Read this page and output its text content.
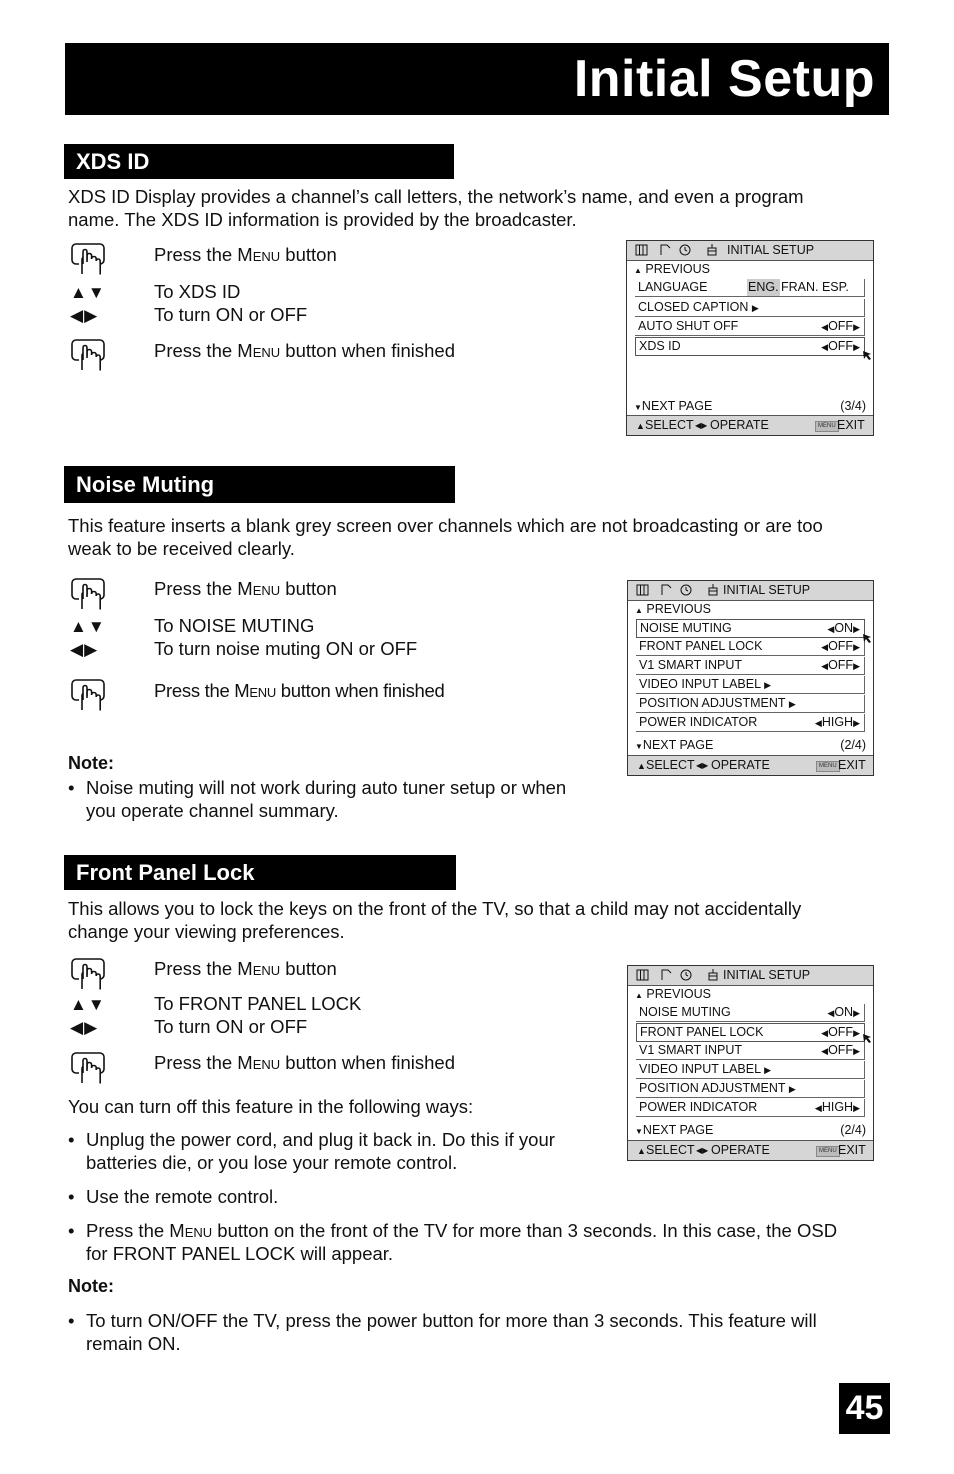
Initial Setup
XDS ID
XDS ID Display provides a channel’s call letters, the network’s name, and even a program
name. The XDS ID information is provided by the broadcaster.
Press the Menu button
▲▼
◀▶
To XDS ID
To turn ON or OFF
Press the Menu button when finished
INITIAL SETUP
▲ PREVIOUS
LANGUAGE	ENG. FRAN. ESP.
CLOSED CAPTION ▶
AUTO SHUT OFF	◀OFF▶
XDS ID	◀OFF▶
▼NEXT PAGE	(3/4)
▲ SELECT ◀▶ OPERATE	MENU EXIT
Noise Muting
This feature inserts a blank grey screen over channels which are not broadcasting or are too
weak to be received clearly.
Press the Menu button
▲▼
◀▶
To NOISE MUTING
To turn noise muting ON or OFF
Press the Menu button when finished
Note:
• Noise muting will not work during auto tuner setup or when
you operate channel summary.
INITIAL SETUP
▲ PREVIOUS
NOISE MUTING	◀ON▶
FRONT PANEL LOCK	◀OFF▶
V1 SMART INPUT	◀OFF▶
VIDEO INPUT LABEL ▶
POSITION ADJUSTMENT ▶
POWER INDICATOR	◀HIGH▶
▼NEXT PAGE	(2/4)
▲ SELECT ◀▶ OPERATE	MENU EXIT
Front Panel Lock
This allows you to lock the keys on the front of the TV, so that a child may not accidentally
change your viewing preferences.
Press the Menu button
▲▼
◀▶
To FRONT PANEL LOCK
To turn ON or OFF
Press the Menu button when finished
You can turn off this feature in the following ways:
• Unplug the power cord, and plug it back in. Do this if your
batteries die, or you lose your remote control.
• Use the remote control.
• Press the Menu button on the front of the TV for more than 3 seconds. In this case, the OSD
for FRONT PANEL LOCK will appear.
Note:
• To turn ON/OFF the TV, press the power button for more than 3 seconds. This feature will
remain ON.
INITIAL SETUP
▲ PREVIOUS
NOISE MUTING	◀ON▶
FRONT PANEL LOCK	◀OFF▶
V1 SMART INPUT	◀OFF▶
VIDEO INPUT LABEL ▶
POSITION ADJUSTMENT ▶
POWER INDICATOR	◀HIGH▶
▼NEXT PAGE	(2/4)
▲ SELECT ◀▶ OPERATE	MENU EXIT
45
